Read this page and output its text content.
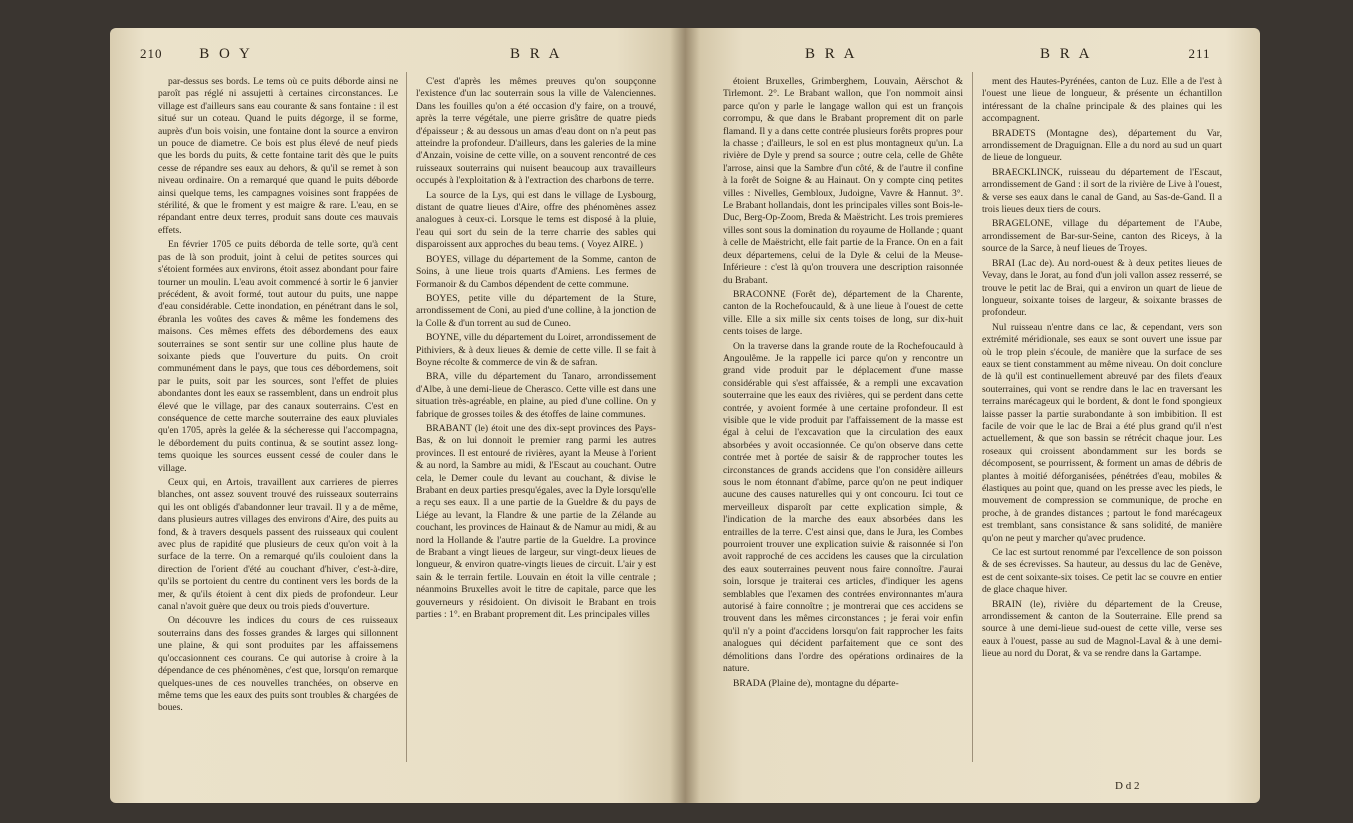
210 B O Y	B R A

par-dessus ses bords. Le tems où ce puits déborde ainsi ne paroît pas réglé ni assujetti à certaines circonstances. Le village est d'ailleurs sans eau courante & sans fontaine : il est situé sur un coteau. Quand le puits dégorge, il se forme, auprès d'un bois voisin, une fontaine dont la source a environ un pouce de diametre. Ce bois est plus élevé de neuf pieds que les bords du puits, & cette fontaine tarit dès que le puits cesse de répandre ses eaux au dehors, & qu'il se remet à son niveau ordinaire. On a remarqué que quand le puits déborde ainsi quelque tems, les campagnes voisines sont frappées de stérilité, & que le froment y est maigre & rare. L'eau, en se répandant entre deux terres, produit sans doute ces mauvais effets.

En février 1705 ce puits déborda de telle sorte, qu'à cent pas de là son produit, joint à celui de petites sources qui s'étoient formées aux environs, étoit assez abondant pour faire tourner un moulin. L'eau avoit commencé à sortir le 6 janvier précédent, & avoit formé, tout autour du puits, une nappe d'eau considérable. Cette inondation, en pénétrant dans le sol, ébranla les voûtes des caves & même les fondemens des maisons. Ces mêmes effets des débordemens des eaux souterraines se sont sentir sur une colline plus haute de soixante pieds que l'ouverture du puits. On croit communément dans le pays, que tous ces débordemens, soit par le puits, soit par les sources, sont l'effet de pluies abondantes dont les eaux se rassemblent, dans un endroit plus élevé que le village, par des canaux souterrains. C'est en conséquence de cette marche souterraine des eaux pluviales qu'en 1705, après la gelée & la sécheresse qui l'accompagna, le débordement du puits continua, & se soutint assez long-tems quoique les sources eussent cessé de couler dans le village.

Ceux qui, en Artois, travaillent aux carrieres de pierres blanches, ont assez souvent trouvé des ruisseaux souterrains qui les ont obligés d'abandonner leur travail. Il y a de même, dans plusieurs autres villages des environs d'Aire, des puits au fond, & à travers desquels passent des ruisseaux qui coulent avec plus de rapidité que plusieurs de ceux qu'on voit à la surface de la terre. On a remarqué qu'ils couloient dans la direction de l'orient d'été au couchant d'hiver, c'est-à-dire, qu'ils se portoient du centre du continent vers les bords de la mer, & qu'ils étoient à cent dix pieds de profondeur. Leur canal n'avoit guère que deux ou trois pieds d'ouverture.

On découvre les indices du cours de ces ruisseaux souterrains dans des fosses grandes & larges qui sillonnent une plaine, & qui sont produites par les affaissemens qu'occasionnent ces courans. Ce qui autorise à croire à la dépendance de ces phénomènes, c'est que, lorsqu'on remarque quelques-unes de ces nouvelles tranchées, on observe en même tems que les eaux des puits sont troubles & chargées de boues.

C'est d'après les mêmes preuves qu'on soupçonne l'existence d'un lac souterrain sous la ville de Valenciennes. Dans les fouilles qu'on a été occasion d'y faire, on a trouvé, après la terre végétale, une pierre grisâtre de quatre pieds d'épaisseur ; & au dessous un amas d'eau dont on n'a peut pas atteindre la profondeur. D'ailleurs, dans les galeries de la mine d'Anzain, voisine de cette ville, on a souvent rencontré de ces ruisseaux souterrains qui nuisent beaucoup aux travailleurs occupés à l'exploitation & à l'extraction des charbons de terre.

La source de la Lys, qui est dans le village de Lysbourg, distant de quatre lieues d'Aire, offre des phénomènes assez analogues à ceux-ci. Lorsque le tems est disposé à la pluie, l'eau qui sort du sein de la terre charrie des sables qui disparoissent aux approches du beau tems. ( Voyez AIRE. )

BOYES, village du département de la Somme, canton de Soins, à une lieue trois quarts d'Amiens. Les fermes de Formanoir & du Cambos dépendent de cette commune.

BOYES, petite ville du département de la Sture, arrondissement de Coni, au pied d'une colline, à la jonction de la Colle & d'un torrent au sud de Cuneo.

BOYNE, ville du département du Loiret, arrondissement de Pithiviers, & à deux lieues & demie de cette ville. Il se fait à Boyne récolte & commerce de vin & de safran.

BRA, ville du département du Tanaro, arrondissement d'Albe, à une demi-lieue de Cherasco. Cette ville est dans une situation très-agréable, en plaine, au pied d'une colline. On y fabrique de grosses toiles & des étoffes de laine communes.

BRABANT (le) étoit une des dix-sept provinces des Pays-Bas, & on lui donnoit le premier rang parmi les autres provinces. Il est entouré de rivières, ayant la Meuse à l'orient & au nord, la Sambre au midi, & l'Escaut au couchant. Outre cela, le Demer coule du levant au couchant, & divise le Brabant en deux parties presqu'égales, avec la Dyle lorsqu'elle a reçu ses eaux. Il a une partie de la Gueldre & du pays de Liége au levant, la Flandre & une partie de la Zélande au couchant, les provinces de Hainaut & de Namur au midi, & au nord la Hollande & l'autre partie de la Gueldre. La province de Brabant a vingt lieues de largeur, sur vingt-deux lieues de longueur, & environ quatre-vingts lieues de circuit. L'air y est sain & le terrain fertile. Louvain en étoit la ville centrale ; néanmoins Bruxelles avoit le titre de capitale, parce que les gouverneurs y résidoient. On divisoit le Brabant en trois parties : 1°. en Brabant proprement dit. Les principales villes

B R A	B R A	211

étoient Bruxelles, Grimberghem, Louvain, Aërschot & Tirlemont. 2°. Le Brabant wallon, que l'on nommoit ainsi parce qu'on y parle le langage wallon qui est un françois corrompu, & que dans le Brabant proprement dit on parle flamand. Il y a dans cette contrée plusieurs forêts propres pour la chasse ; d'ailleurs, le sol en est plus montagneux qu'un. La rivière de Dyle y prend sa source ; outre cela, celle de Ghête l'arrose, ainsi que la Sambre d'un côté, & de l'autre il confine à la forêt de Soigne & au Hainaut. On y compte cinq petites villes : Nivelles, Gembloux, Judoigne, Vavre & Hannut. 3°. Le Brabant hollandais, dont les principales villes sont Bois-le-Duc, Berg-Op-Zoom, Breda & Maëstricht. Les trois premieres villes sont sous la domination du royaume de Hollande ; quant à celle de Maëstricht, elle fait partie de la France. On en a fait deux départemens, celui de la Dyle & celui de la Meuse-Inférieure : c'est là qu'on trouvera une description raisonnée du Brabant.

BRACONNE (Forêt de), département de la Charente, canton de la Rochefoucauld, & à une lieue à l'ouest de cette ville. Elle a six mille six cents toises de long, sur dix-huit cents toises de large.

On la traverse dans la grande route de la Rochefoucauld à Angoulême. Je la rappelle ici parce qu'on y rencontre un grand vide produit par le déplacement d'une masse considérable qui s'est affaissée, & a rempli une excavation souterraine que les eaux des rivières, qui se perdent dans cette contrée, y avoient formée à une certaine profondeur. Il est visible que le vide produit par l'affaissement de la masse est égal à celui de l'excavation que la circulation des eaux absorbées y avoit occasionnée. Ce qu'on observe dans cette contrée met à portée de saisir & de rapprocher toutes les circonstances de grands accidens que l'on considère ailleurs sous le nom étonnant d'abîme, parce qu'on ne peut indiquer aucune des causes naturelles qui y ont concouru. Ici tout ce merveilleux disparoît par cette explication simple, & l'indication de la marche des eaux absorbées dans les entrailles de la terre. C'est ainsi que, dans le Jura, les Combes pourroient trouver une explication suivie & raisonnée si l'on avoit rapproché de ces accidens les causes que la circulation des eaux souterraines peuvent nous faire connoître. J'aurai soin, lorsque je traiterai ces articles, d'indiquer les agens semblables que l'examen des contrées environnantes m'aura autorisé à faire connoître ; je montrerai que ces accidens se trouvent dans les mêmes circonstances ; je ferai voir enfin qu'il n'y a point d'accidens lorsqu'on fait rapprocher les faits analogues qui décident parfaitement que ce sont des démolitions dans l'ordre des opérations ordinaires de la nature.

BRADA (Plaine de), montagne du départe-

ment des Hautes-Pyrénées, canton de Luz. Elle a de l'est à l'ouest une lieue de longueur, & présente un échantillon intéressant de la chaîne principale & des plaines qui les accompagnent.

BRADETS (Montagne des), département du Var, arrondissement de Draguignan. Elle a du nord au sud un quart de lieue de longueur.

BRAECKLINCK, ruisseau du département de l'Escaut, arrondissement de Gand : il sort de la rivière de Live à l'ouest, & verse ses eaux dans le canal de Gand, au Sas-de-Gand. Il a trois lieues deux tiers de cours.

BRAGELONE, village du département de l'Aube, arrondissement de Bar-sur-Seine, canton des Riceys, à la source de la Sarce, à neuf lieues de Troyes.

BRAI (Lac de). Au nord-ouest & à deux petites lieues de Vevay, dans le Jorat, au fond d'un joli vallon assez resserré, se trouve le petit lac de Brai, qui a environ un quart de lieue de longueur, soixante toises de largeur, & soixante brasses de profondeur.

Nul ruisseau n'entre dans ce lac, & cependant, vers son extrémité méridionale, ses eaux se sont ouvert une issue par où le trop plein s'écoule, de manière que la surface de ses eaux se tient constamment au même niveau. On doit conclure de là qu'il est continuellement abreuvé par des filets d'eaux souterraines, qui vont se rendre dans le lac en traversant les terrains marécageux qui le bordent, & dont le fond spongieux laisse passer la partie surabondante à son imbibition. Il est facile de voir que le lac de Brai a été plus grand qu'il n'est actuellement, & que son bassin se rétrécit chaque jour. Les roseaux qui croissent abondamment sur les bords se décomposent, se pourrissent, & forment un amas de débris de plantes à moitié déforganisées, pénétrées d'eau, mobiles & élastiques au point que, quand on les presse avec les pieds, le mouvement de compression se communique, de proche en proche, à de grandes distances ; partout le fond marécageux est tremblant, sans consistance & sans solidité, de manière qu'on ne peut y marcher qu'avec prudence.

Ce lac est surtout renommé par l'excellence de son poisson & de ses écrevisses. Sa hauteur, au dessus du lac de Genève, est de cent soixante-six toises. Ce petit lac se couvre en entier de glace chaque hiver.

BRAIN (le), rivière du département de la Creuse, arrondissement & canton de la Souterraine. Elle prend sa source à une demi-lieue sud-ouest de cette ville, verse ses eaux à l'ouest, passe au sud de Magnol-Laval & à une demi-lieue au nord du Dorat, & va se rendre dans la Gartampe.

D d 2
